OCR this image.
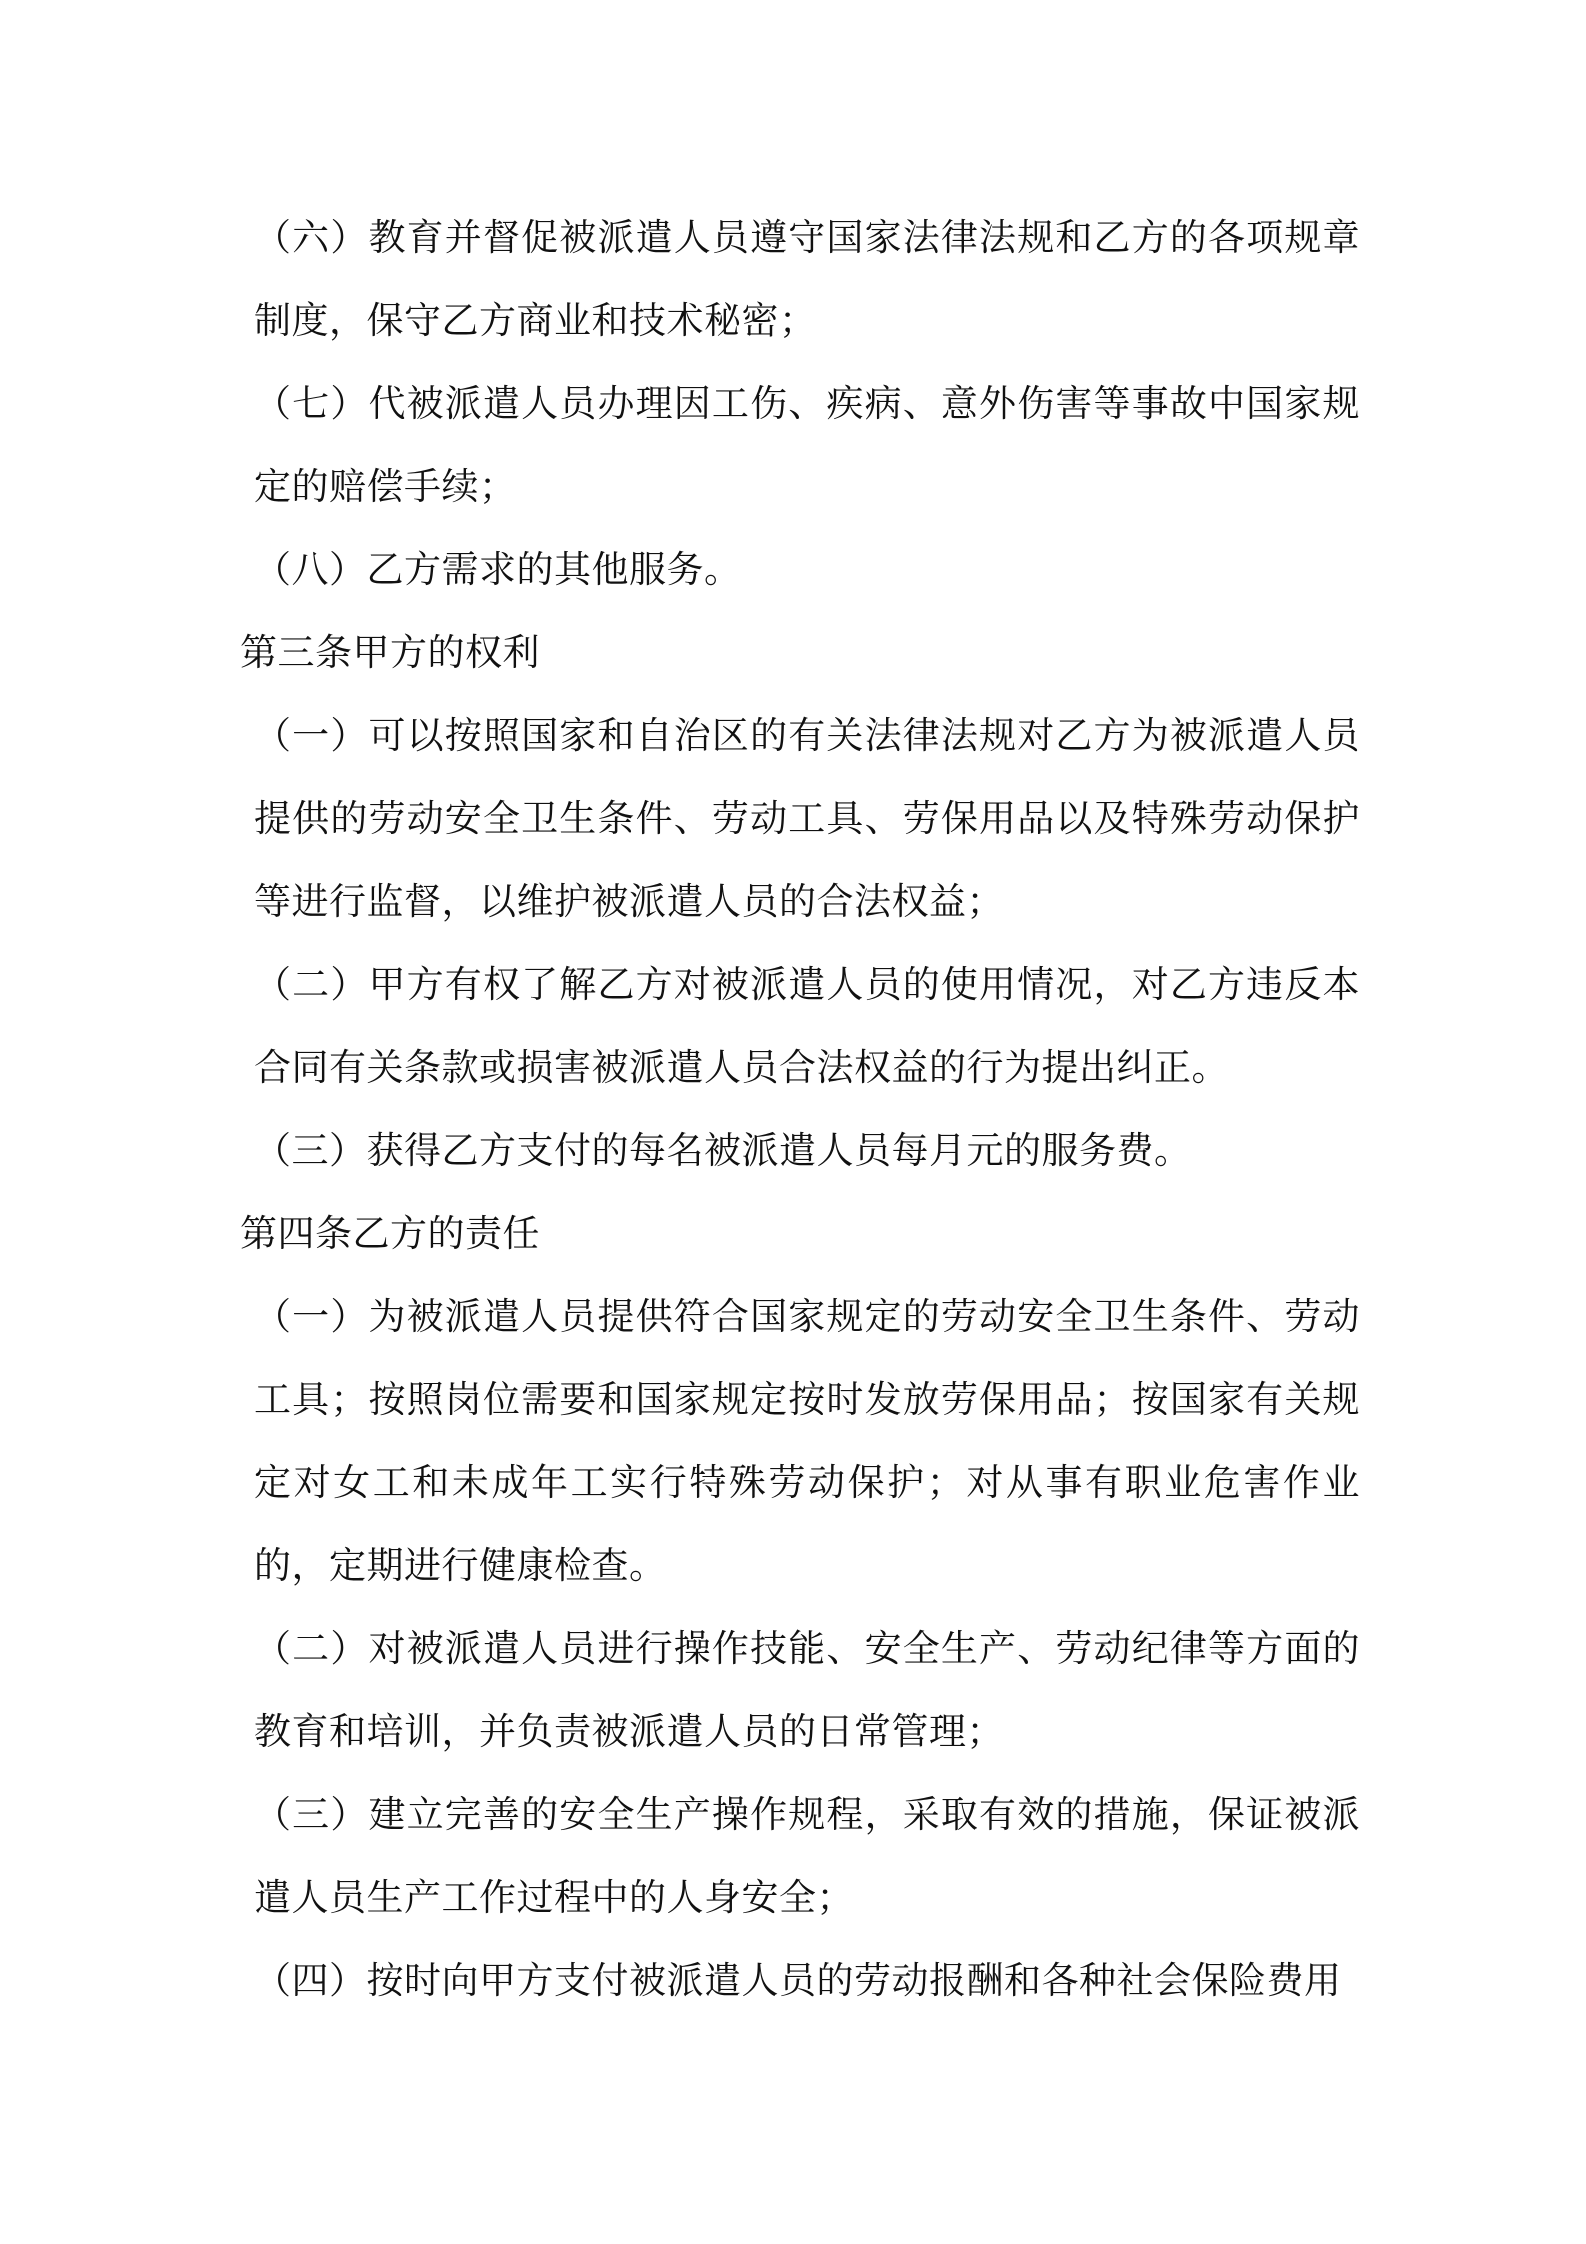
（六）教育并督促被派遣人员遵守国家法律法规和乙方的各项规章制度，保守乙方商业和技术秘密；

（七）代被派遣人员办理因工伤、疾病、意外伤害等事故中国家规定的赔偿手续；

（八）乙方需求的其他服务。

第三条甲方的权利

（一）可以按照国家和自治区的有关法律法规对乙方为被派遣人员提供的劳动安全卫生条件、劳动工具、劳保用品以及特殊劳动保护等进行监督，以维护被派遣人员的合法权益；

（二）甲方有权了解乙方对被派遣人员的使用情况，对乙方违反本合同有关条款或损害被派遣人员合法权益的行为提出纠正。

（三）获得乙方支付的每名被派遣人员每月元的服务费。

第四条乙方的责任

（一）为被派遣人员提供符合国家规定的劳动安全卫生条件、劳动工具；按照岗位需要和国家规定按时发放劳保用品；按国家有关规定对女工和未成年工实行特殊劳动保护；对从事有职业危害作业的，定期进行健康检查。

（二）对被派遣人员进行操作技能、安全生产、劳动纪律等方面的教育和培训，并负责被派遣人员的日常管理；

（三）建立完善的安全生产操作规程，采取有效的措施，保证被派遣人员生产工作过程中的人身安全；

（四）按时向甲方支付被派遣人员的劳动报酬和各种社会保险费用
